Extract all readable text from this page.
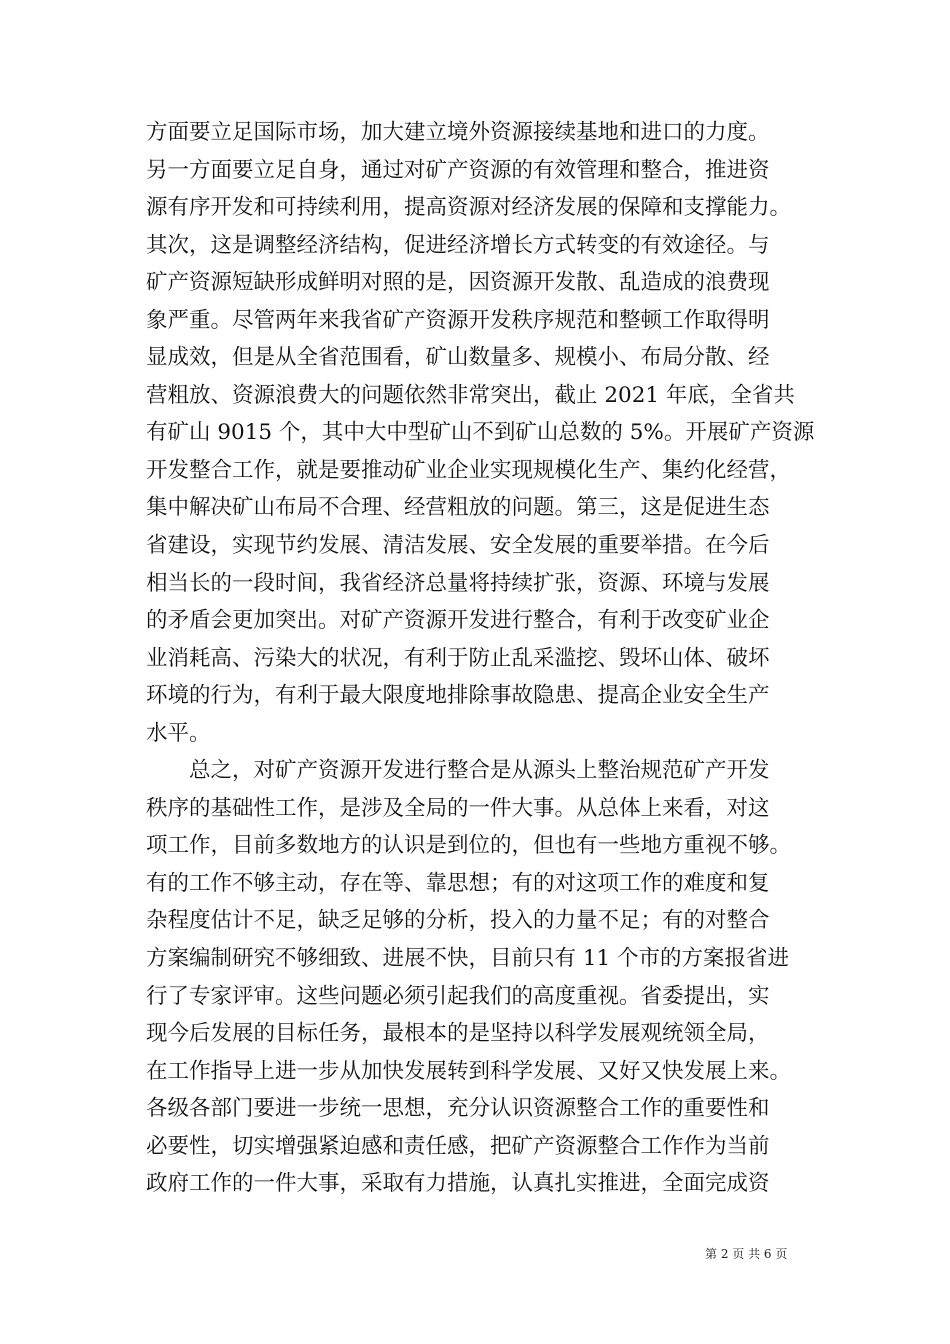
方面要立足国际市场，加大建立境外资源接续基地和进口的力度。
另一方面要立足自身，通过对矿产资源的有效管理和整合，推进资
源有序开发和可持续利用，提高资源对经济发展的保障和支撑能力。
其次，这是调整经济结构，促进经济增长方式转变的有效途径。与
矿产资源短缺形成鲜明对照的是，因资源开发散、乱造成的浪费现
象严重。尽管两年来我省矿产资源开发秩序规范和整顿工作取得明
显成效，但是从全省范围看，矿山数量多、规模小、布局分散、经
营粗放、资源浪费大的问题依然非常突出，截止 2021 年底，全省共
有矿山 9015 个，其中大中型矿山不到矿山总数的 5%。开展矿产资源
开发整合工作，就是要推动矿业企业实现规模化生产、集约化经营，
集中解决矿山布局不合理、经营粗放的问题。第三，这是促进生态
省建设，实现节约发展、清洁发展、安全发展的重要举措。在今后
相当长的一段时间，我省经济总量将持续扩张，资源、环境与发展
的矛盾会更加突出。对矿产资源开发进行整合，有利于改变矿业企
业消耗高、污染大的状况，有利于防止乱采滥挖、毁坏山体、破坏
环境的行为，有利于最大限度地排除事故隐患、提高企业安全生产
水平。
总之，对矿产资源开发进行整合是从源头上整治规范矿产开发
秩序的基础性工作，是涉及全局的一件大事。从总体上来看，对这
项工作，目前多数地方的认识是到位的，但也有一些地方重视不够。
有的工作不够主动，存在等、靠思想；有的对这项工作的难度和复
杂程度估计不足，缺乏足够的分析，投入的力量不足；有的对整合
方案编制研究不够细致、进展不快，目前只有 11 个市的方案报省进
行了专家评审。这些问题必须引起我们的高度重视。省委提出，实
现今后发展的目标任务，最根本的是坚持以科学发展观统领全局，
在工作指导上进一步从加快发展转到科学发展、又好又快发展上来。
各级各部门要进一步统一思想，充分认识资源整合工作的重要性和
必要性，切实增强紧迫感和责任感，把矿产资源整合工作作为当前
政府工作的一件大事，采取有力措施，认真扎实推进，全面完成资
第 2 页 共 6 页
